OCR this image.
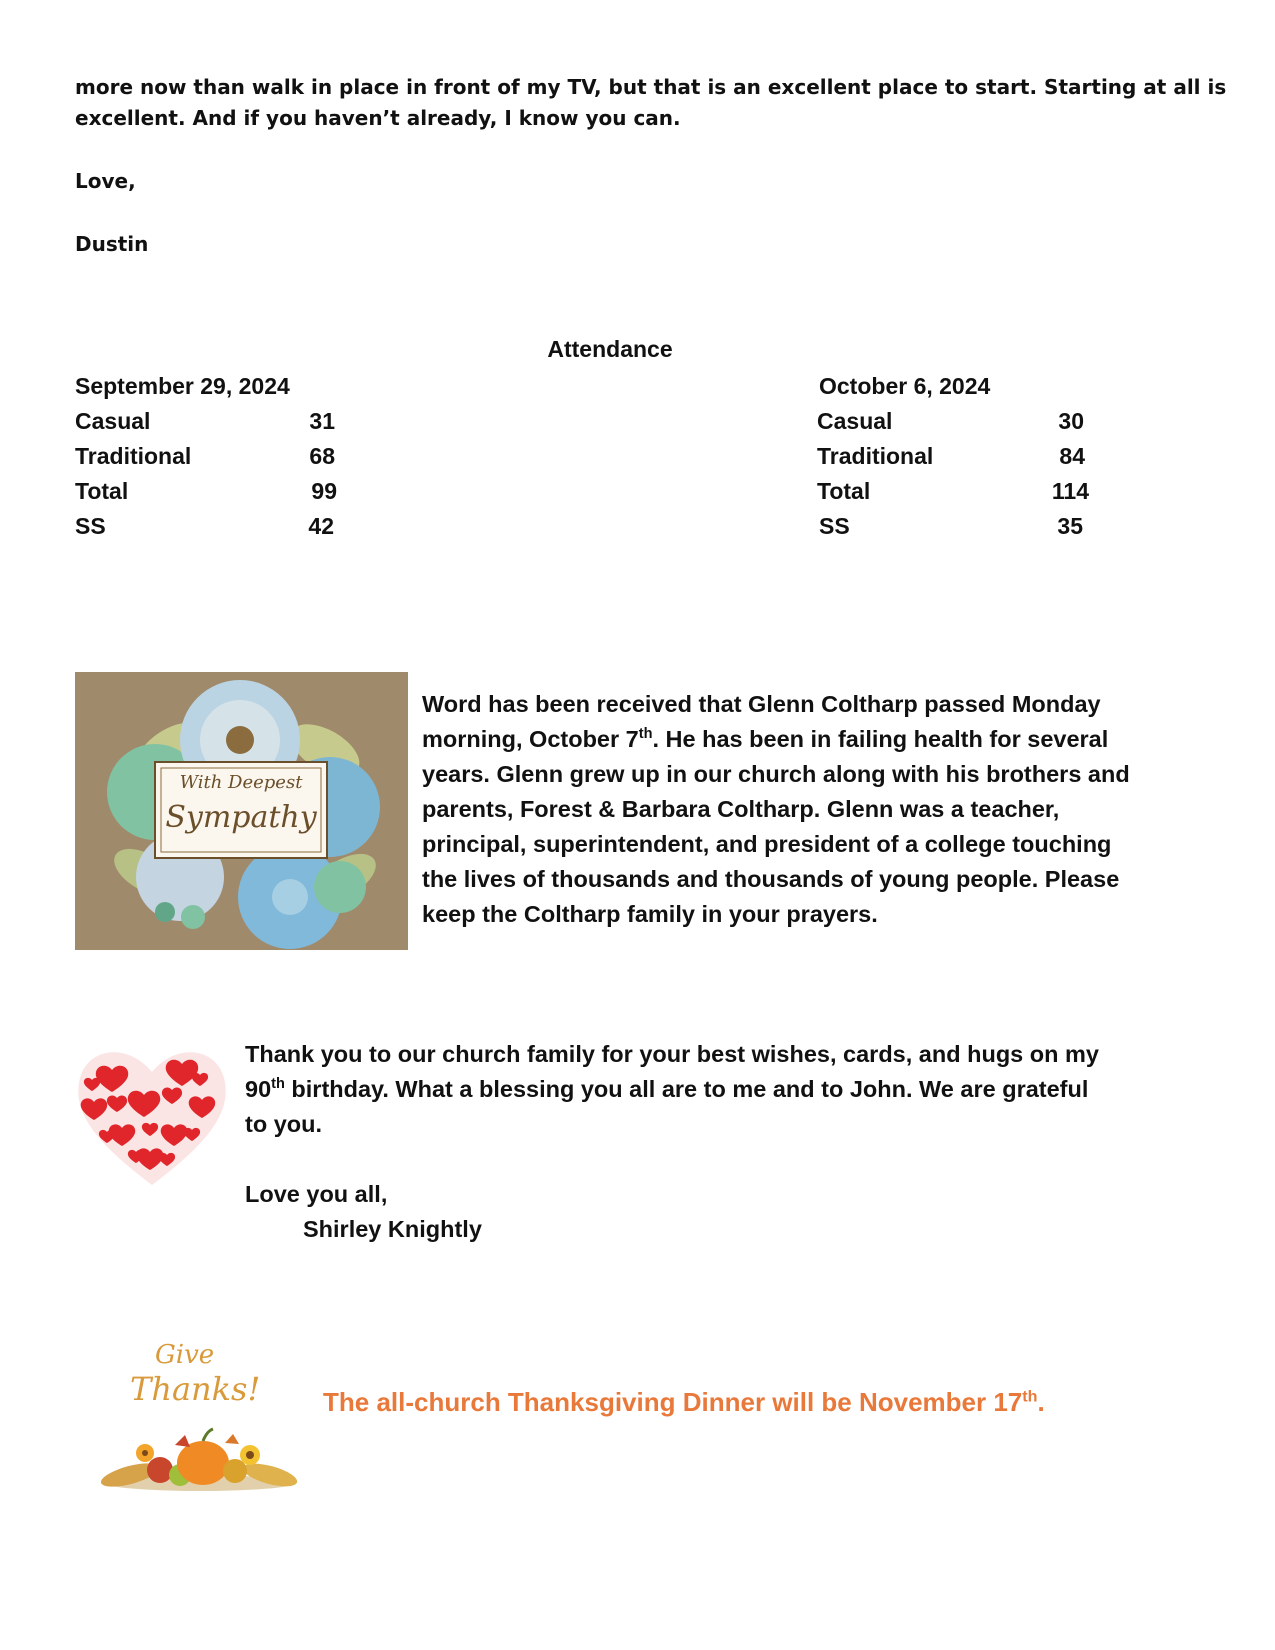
more now than walk in place in front of my TV, but that is an excellent place to start. Starting at all is
excellent. And if you haven’t already, I know you can.
Love,
Dustin
Attendance
September 29, 2024
Casual	31
Traditional	68
Total	99
SS	42
October 6, 2024
Casual	30
Traditional	84
Total	114
SS	35
With Deepest
Sympathy
Word has been received that Glenn Coltharp passed Monday
morning, October 7th. He has been in failing health for several
years. Glenn grew up in our church along with his brothers and
parents, Forest & Barbara Coltharp. Glenn was a teacher,
principal, superintendent, and president of a college touching
the lives of thousands and thousands of young people. Please
keep the Coltharp family in your prayers.
Thank you to our church family for your best wishes, cards, and hugs on my
90th birthday. What a blessing you all are to me and to John. We are grateful
to you.
Love you all,
Shirley Knightly
Give
Thanks! The all-church Thanksgiving Dinner will be November 17th.
